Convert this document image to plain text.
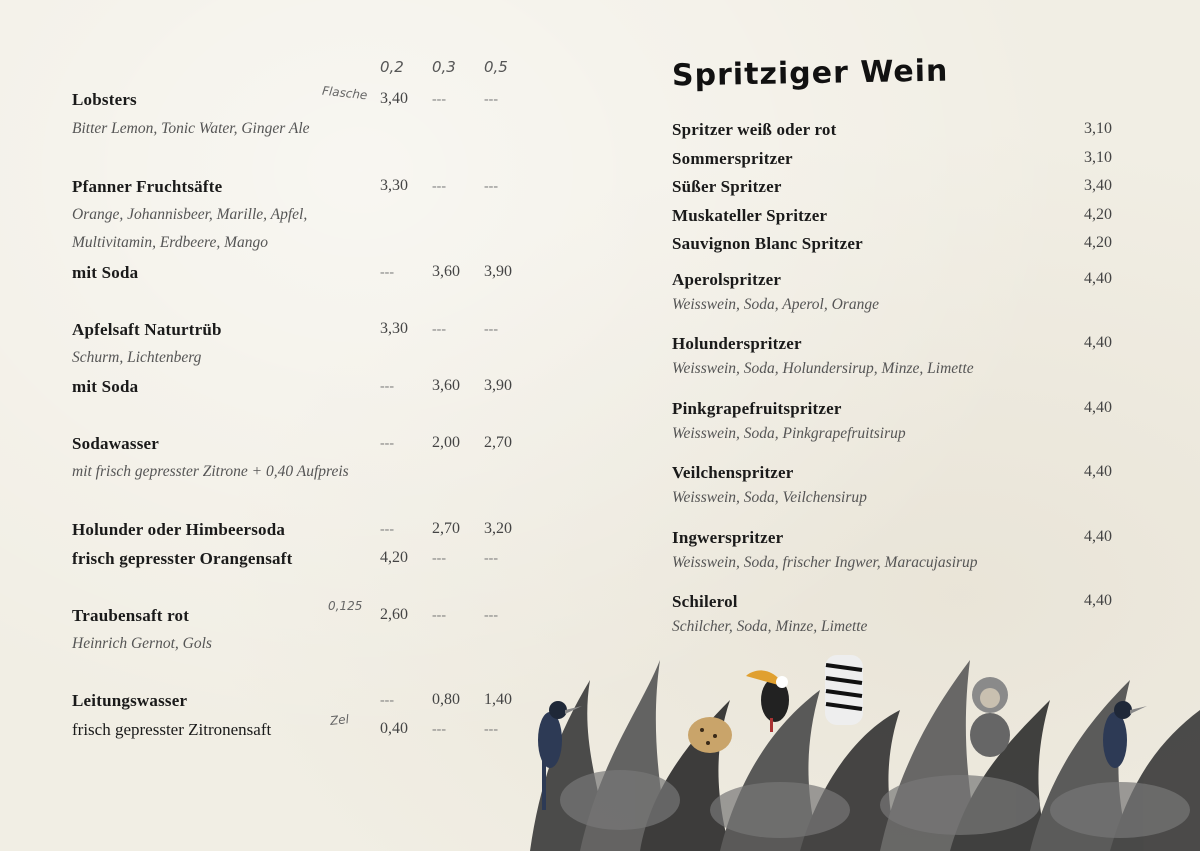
0,2 0,3 0,5
Flasche
0,125
Zel
Lobsters	3,40 ---	---
Bitter Lemon, Tonic Water, Ginger Ale
Pfanner Fruchtsäfte	3,30 ---	---
Orange, Johannisbeer, Marille, Apfel,
Multivitamin, Erdbeere, Mango
mit Soda	--- 3,60 3,90
Apfelsaft Naturtrüb	3,30 ---	---
Schurm, Lichtenberg
mit Soda	--- 3,60 3,90
Sodawasser	--- 2,00 2,70
mit frisch gepresster Zitrone + 0,40 Aufpreis
Holunder oder Himbeersoda	--- 2,70 3,20
frisch gepresster Orangensaft	4,20 ---	---
Traubensaft rot	2,60 ---	---
Heinrich Gernot, Gols
Leitungswasser	--- 0,80 1,40
frisch gepresster Zitronensaft	0,40 ---	---
Spritziger Wein
Spritzer weiß oder rot	3,10
Sommerspritzer	3,10
Süßer Spritzer	3,40
Muskateller Spritzer	4,20
Sauvignon Blanc Spritzer	4,20
Aperolspritzer	4,40
Weisswein, Soda, Aperol, Orange
Holunderspritzer	4,40
Weisswein, Soda, Holundersirup, Minze, Limette
Pinkgrapefruitspritzer	4,40
Weisswein, Soda, Pinkgrapefruitsirup
Veilchenspritzer	4,40
Weisswein, Soda, Veilchensirup
Ingwerspritzer	4,40
Weisswein, Soda, frischer Ingwer, Maracujasirup
Schilerol	4,40
Schilcher, Soda, Minze, Limette
